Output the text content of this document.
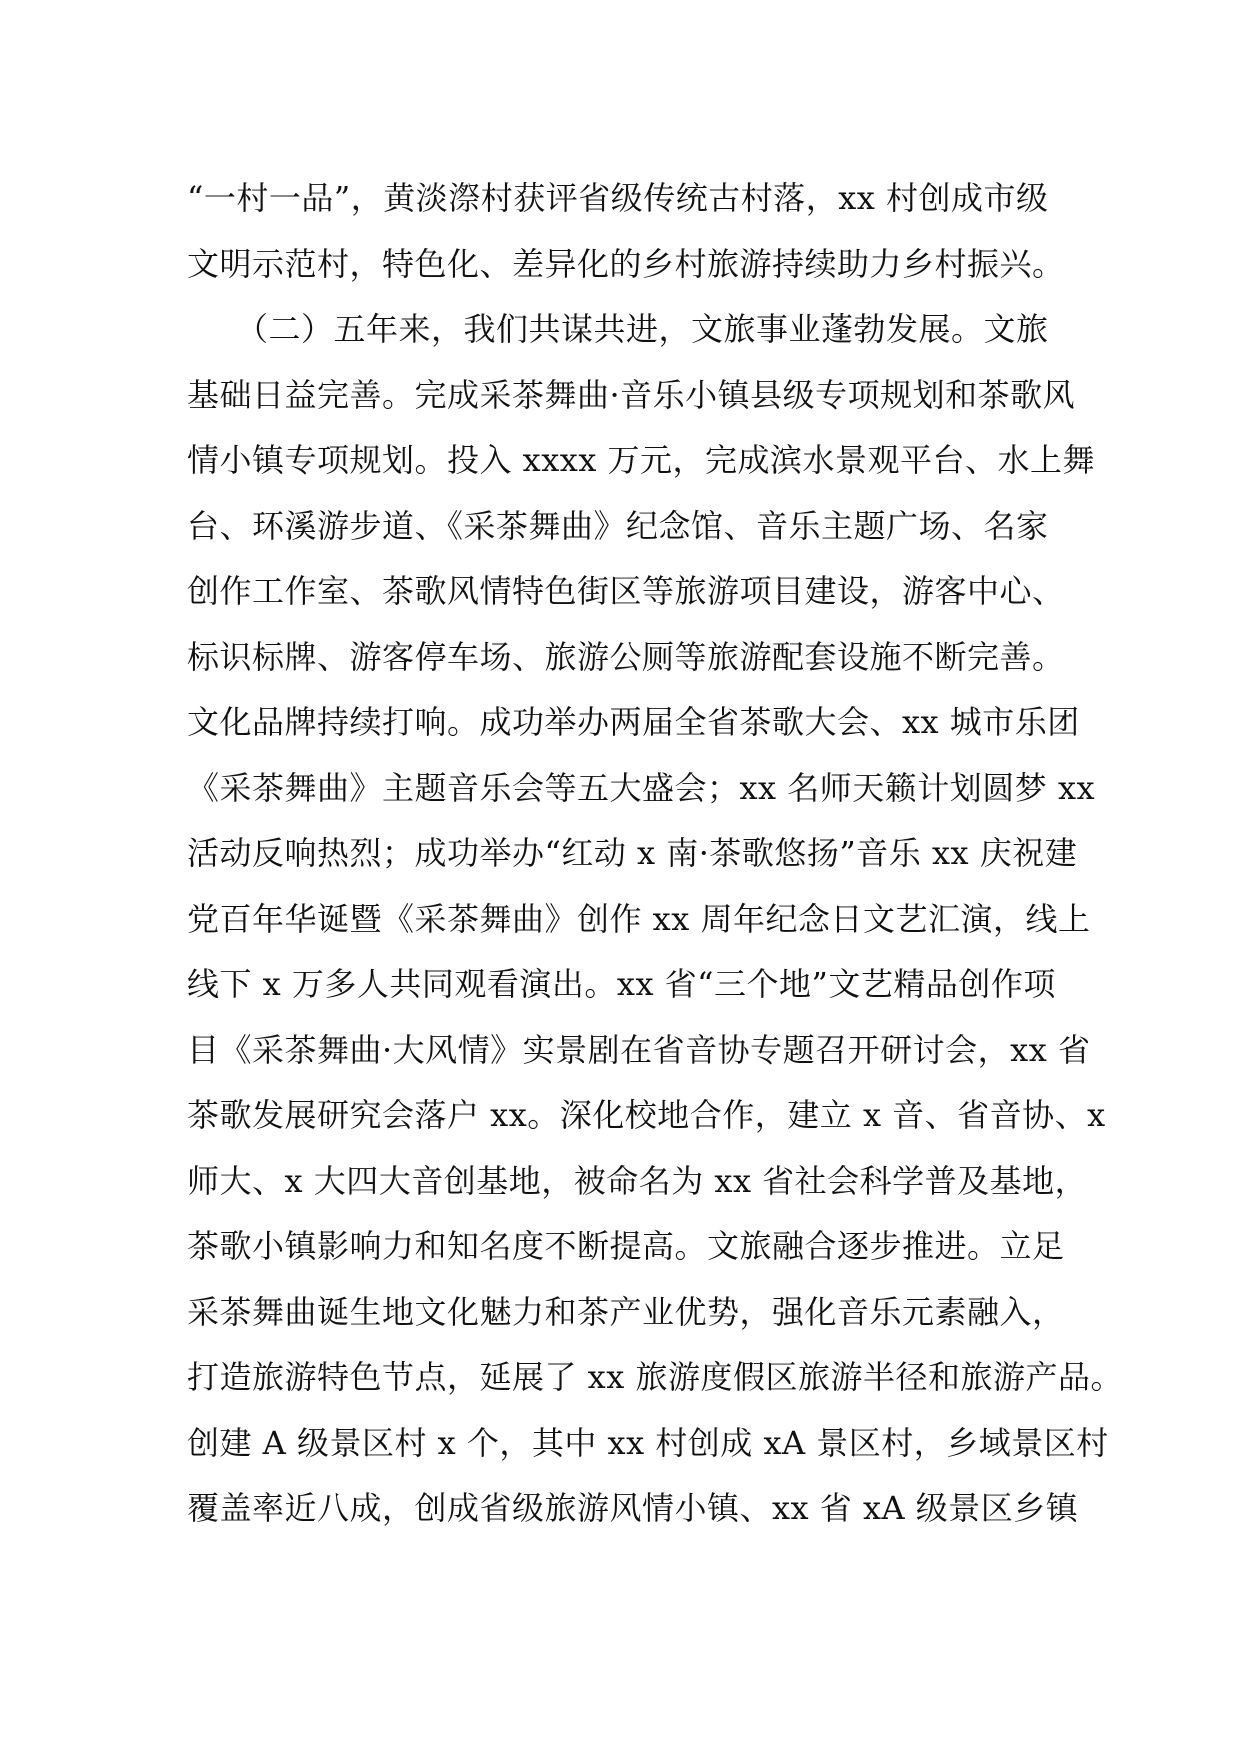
“一村一品”，黄淡漈村获评省级传统古村落，xx 村创成市级
文明示范村，特色化、差异化的乡村旅游持续助力乡村振兴。
　　（二）五年来，我们共谋共进，文旅事业蓬勃发展。文旅
基础日益完善。完成采茶舞曲·音乐小镇县级专项规划和茶歌风
情小镇专项规划。投入 xxxx 万元，完成滨水景观平台、水上舞
台、环溪游步道、《采茶舞曲》纪念馆、音乐主题广场、名家
创作工作室、茶歌风情特色街区等旅游项目建设，游客中心、
标识标牌、游客停车场、旅游公厕等旅游配套设施不断完善。
文化品牌持续打响。成功举办两届全省茶歌大会、xx 城市乐团
《采茶舞曲》主题音乐会等五大盛会；xx 名师天籁计划圆梦 xx
活动反响热烈；成功举办“红动 x 南·茶歌悠扬”音乐 xx 庆祝建
党百年华诞暨《采茶舞曲》创作 xx 周年纪念日文艺汇演，线上
线下 x 万多人共同观看演出。xx 省“三个地”文艺精品创作项
目《采茶舞曲·大风情》实景剧在省音协专题召开研讨会，xx 省
茶歌发展研究会落户 xx。深化校地合作，建立 x 音、省音协、x
师大、x 大四大音创基地，被命名为 xx 省社会科学普及基地，
茶歌小镇影响力和知名度不断提高。文旅融合逐步推进。立足
采茶舞曲诞生地文化魅力和茶产业优势，强化音乐元素融入，
打造旅游特色节点，延展了 xx 旅游度假区旅游半径和旅游产品。
创建 A 级景区村 x 个，其中 xx 村创成 xA 景区村，乡域景区村
覆盖率近八成，创成省级旅游风情小镇、xx 省 xA 级景区乡镇
